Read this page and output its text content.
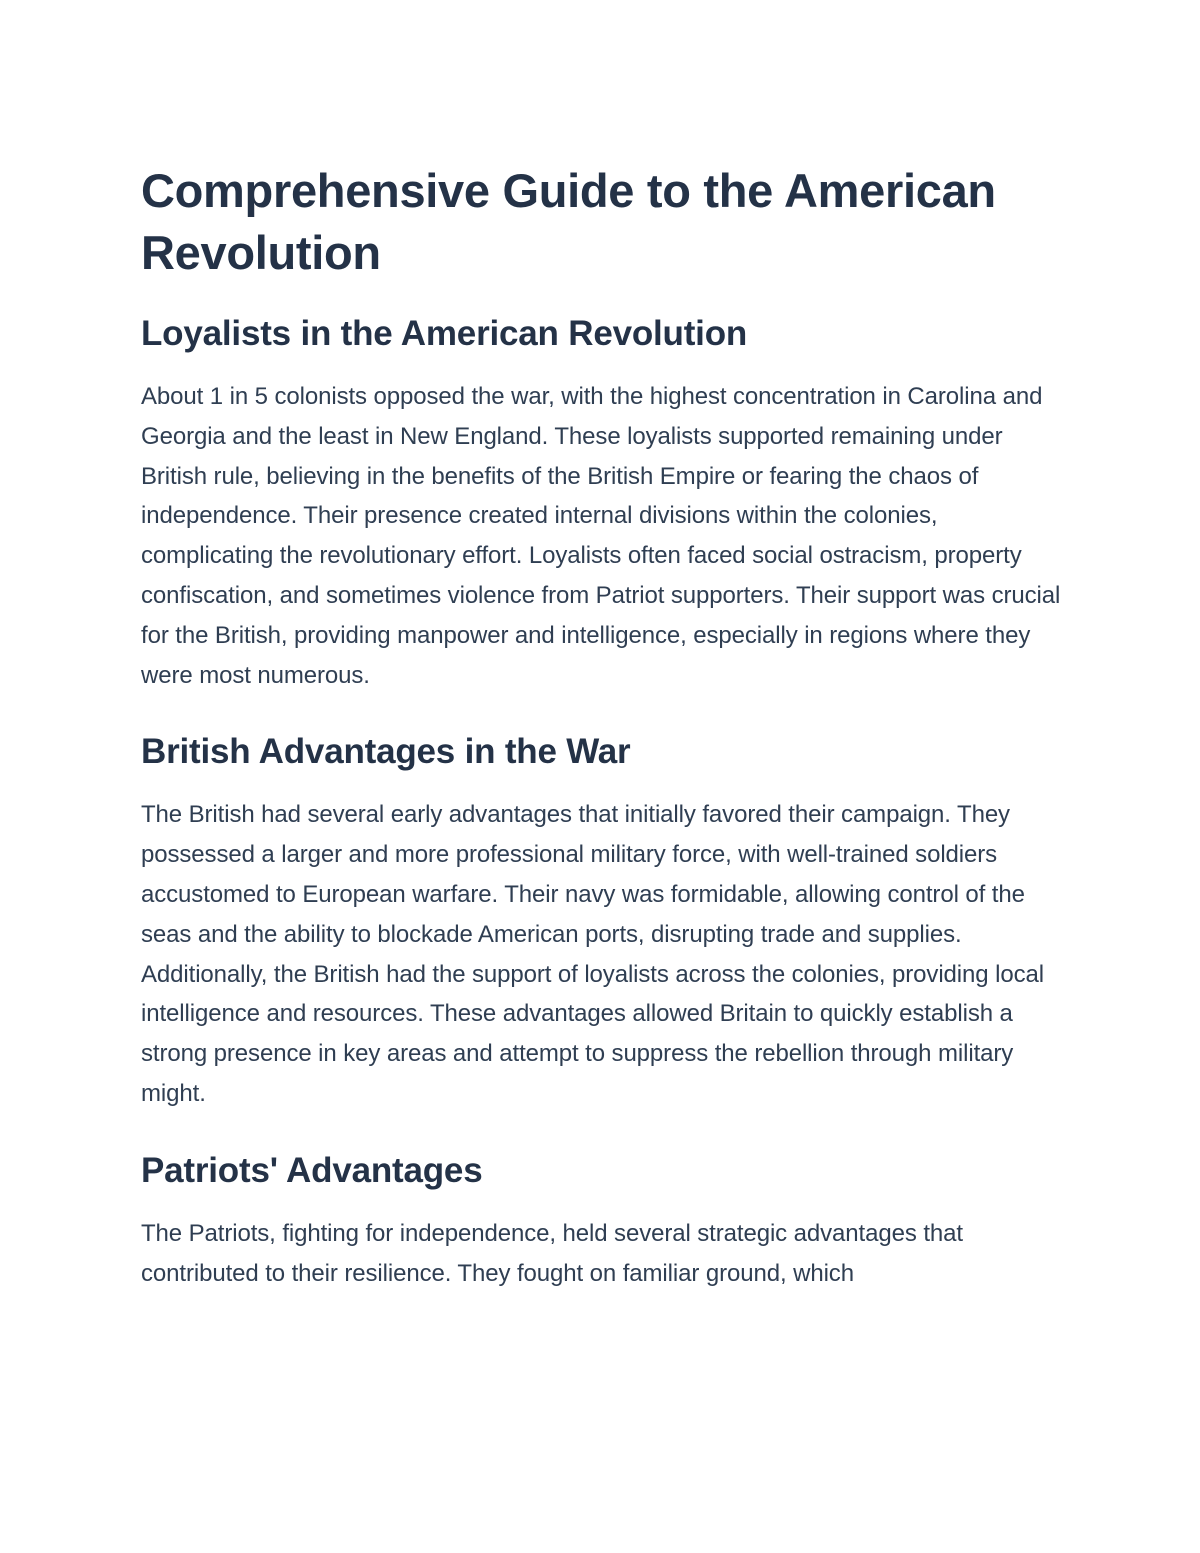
Comprehensive Guide to the American Revolution
Loyalists in the American Revolution

About 1 in 5 colonists opposed the war, with the highest concentration in Carolina and Georgia and the least in New England. These loyalists supported remaining under British rule, believing in the benefits of the British Empire or fearing the chaos of independence. Their presence created internal divisions within the colonies, complicating the revolutionary effort. Loyalists often faced social ostracism, property confiscation, and sometimes violence from Patriot supporters. Their support was crucial for the British, providing manpower and intelligence, especially in regions where they were most numerous.

British Advantages in the War

The British had several early advantages that initially favored their campaign. They possessed a larger and more professional military force, with well-trained soldiers accustomed to European warfare. Their navy was formidable, allowing control of the seas and the ability to blockade American ports, disrupting trade and supplies. Additionally, the British had the support of loyalists across the colonies, providing local intelligence and resources. These advantages allowed Britain to quickly establish a strong presence in key areas and attempt to suppress the rebellion through military might.

Patriots' Advantages

The Patriots, fighting for independence, held several strategic advantages that contributed to their resilience. They fought on familiar ground, which
